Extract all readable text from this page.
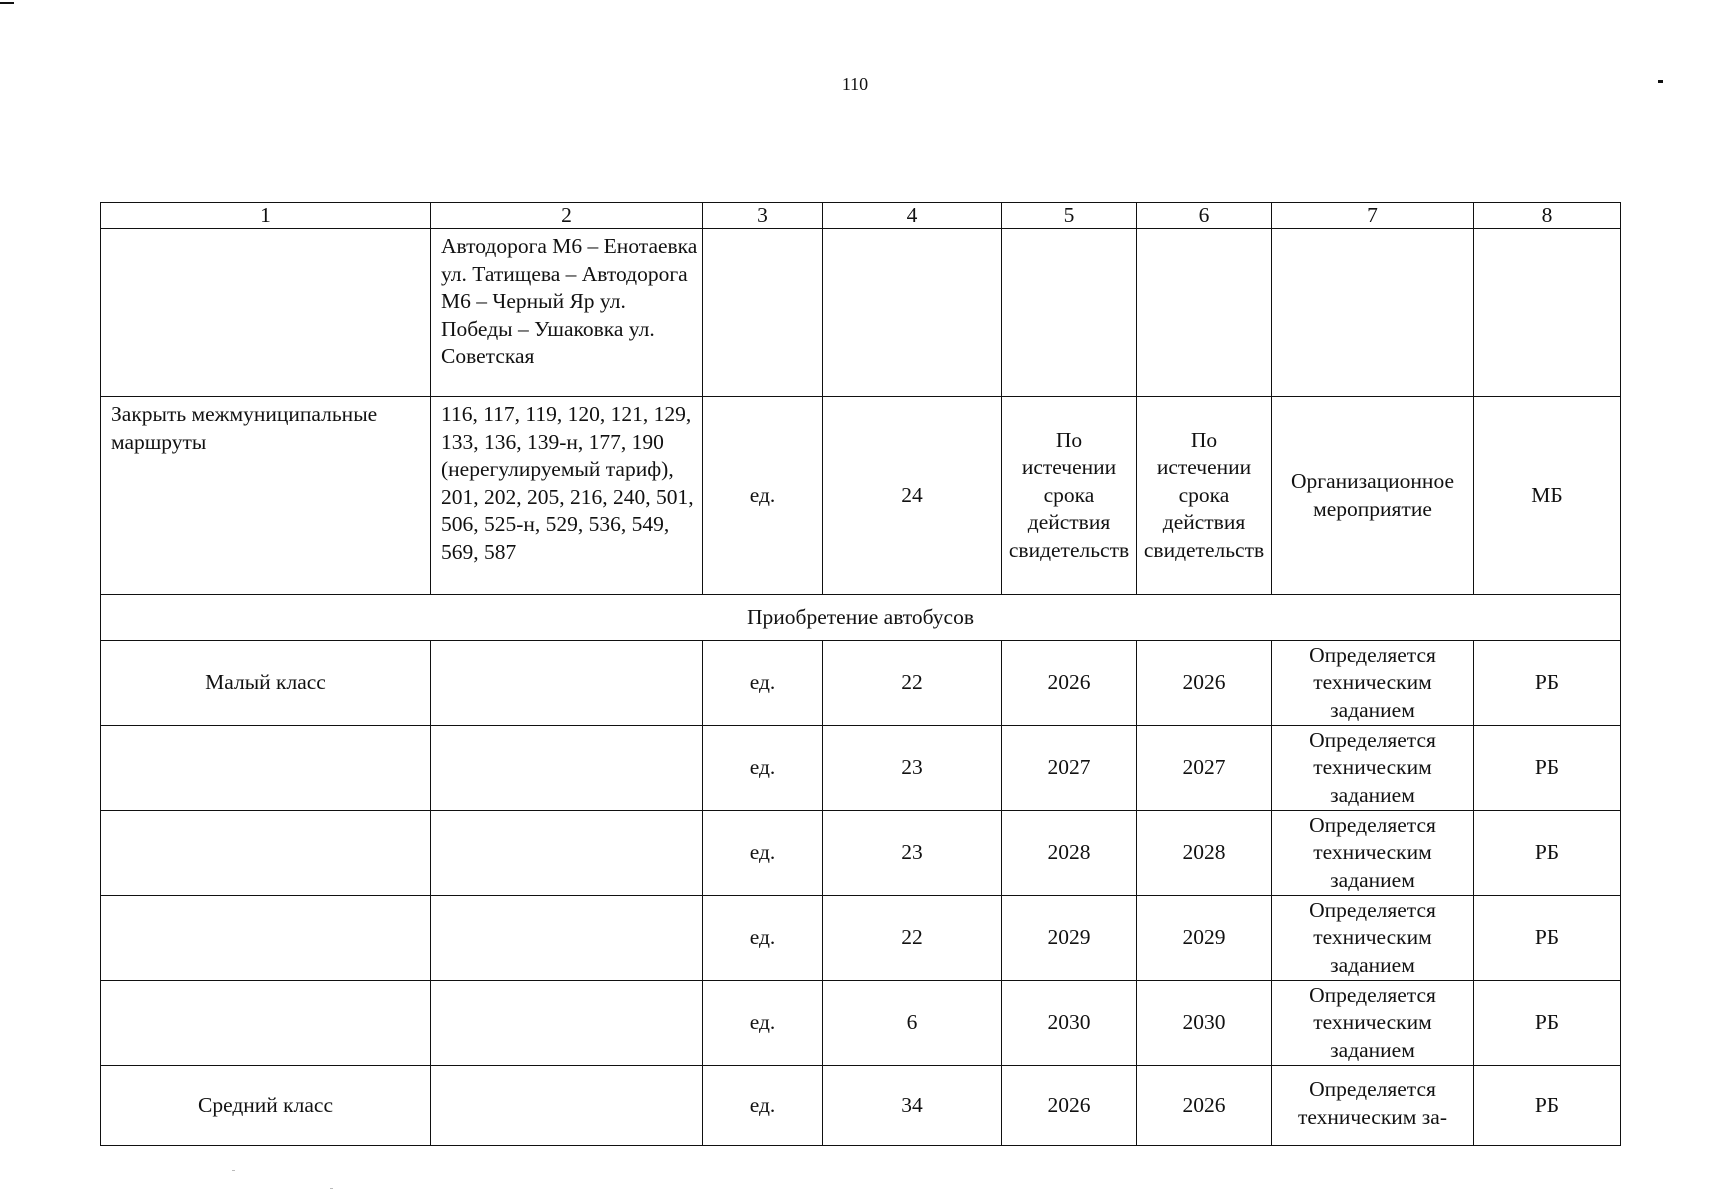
110
1	2	3	4	5	6	7	8
	Автодорога М6 – Енотаевка ул. Татищева – Автодорога М6 – Черный Яр ул. Победы – Ушаковка ул. Советская						
Закрыть межмуниципальные маршруты	116, 117, 119, 120, 121, 129, 133, 136, 139-н, 177, 190 (нерегулируемый тариф), 201, 202, 205, 216, 240, 501, 506, 525-н, 529, 536, 549, 569, 587	ед.	24	По истечении срока действия свидетельств	По истечении срока действия свидетельств	Организационное мероприятие	МБ
Приобретение автобусов							
Малый класс		ед.	22	2026	2026	Определяется техническим заданием	РБ
		ед.	23	2027	2027	Определяется техническим заданием	РБ
		ед.	23	2028	2028	Определяется техническим заданием	РБ
		ед.	22	2029	2029	Определяется техническим заданием	РБ
		ед.	6	2030	2030	Определяется техническим заданием	РБ
Средний класс		ед.	34	2026	2026	Определяется техническим за-	РБ
